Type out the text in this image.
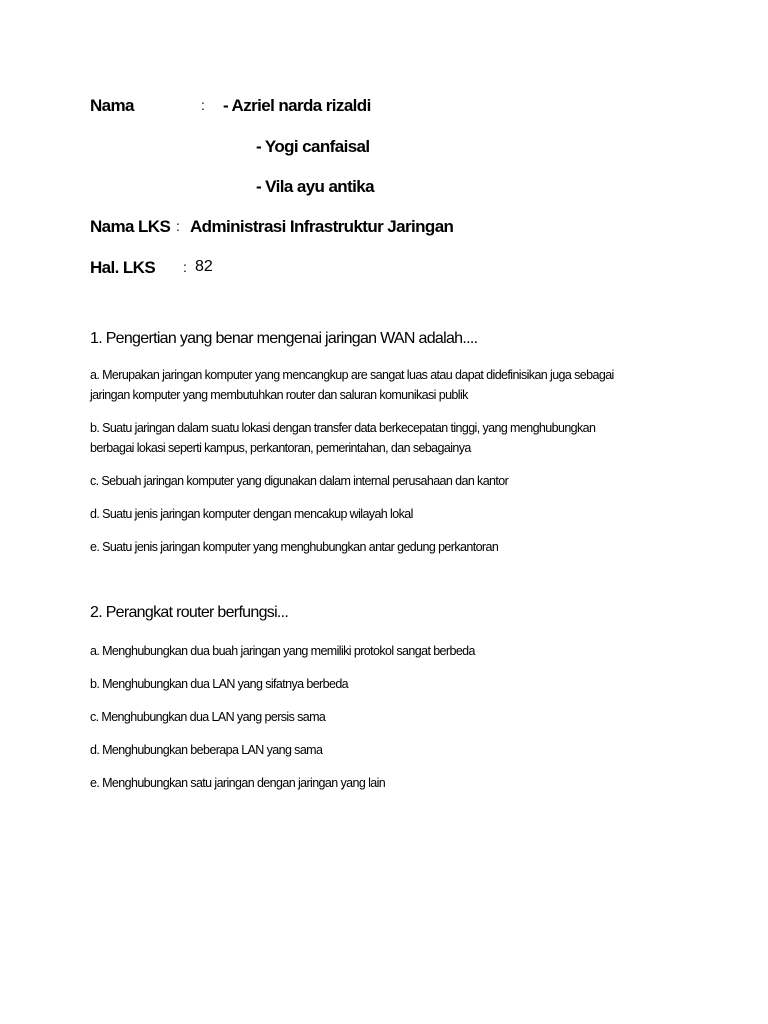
Nama	: - Azriel narda rizaldi
- Yogi canfaisal
- Vila ayu antika
Nama LKS : Administrasi Infrastruktur Jaringan
Hal. LKS : 82
1. Pengertian yang benar mengenai jaringan WAN adalah....
a. Merupakan jaringan komputer yang mencangkup are sangat luas atau dapat didefinisikan juga sebagai
jaringan komputer yang membutuhkan router dan saluran komunikasi publik
b. Suatu jaringan dalam suatu lokasi dengan transfer data berkecepatan tinggi, yang menghubungkan
berbagai lokasi seperti kampus, perkantoran, pemerintahan, dan sebagainya
c. Sebuah jaringan komputer yang digunakan dalam internal perusahaan dan kantor
d. Suatu jenis jaringan komputer dengan mencakup wilayah lokal
e. Suatu jenis jaringan komputer yang menghubungkan antar gedung perkantoran
2. Perangkat router berfungsi...
a. Menghubungkan dua buah jaringan yang memiliki protokol sangat berbeda
b. Menghubungkan dua LAN yang sifatnya berbeda
c. Menghubungkan dua LAN yang persis sama
d. Menghubungkan beberapa LAN yang sama
e. Menghubungkan satu jaringan dengan jaringan yang lain
